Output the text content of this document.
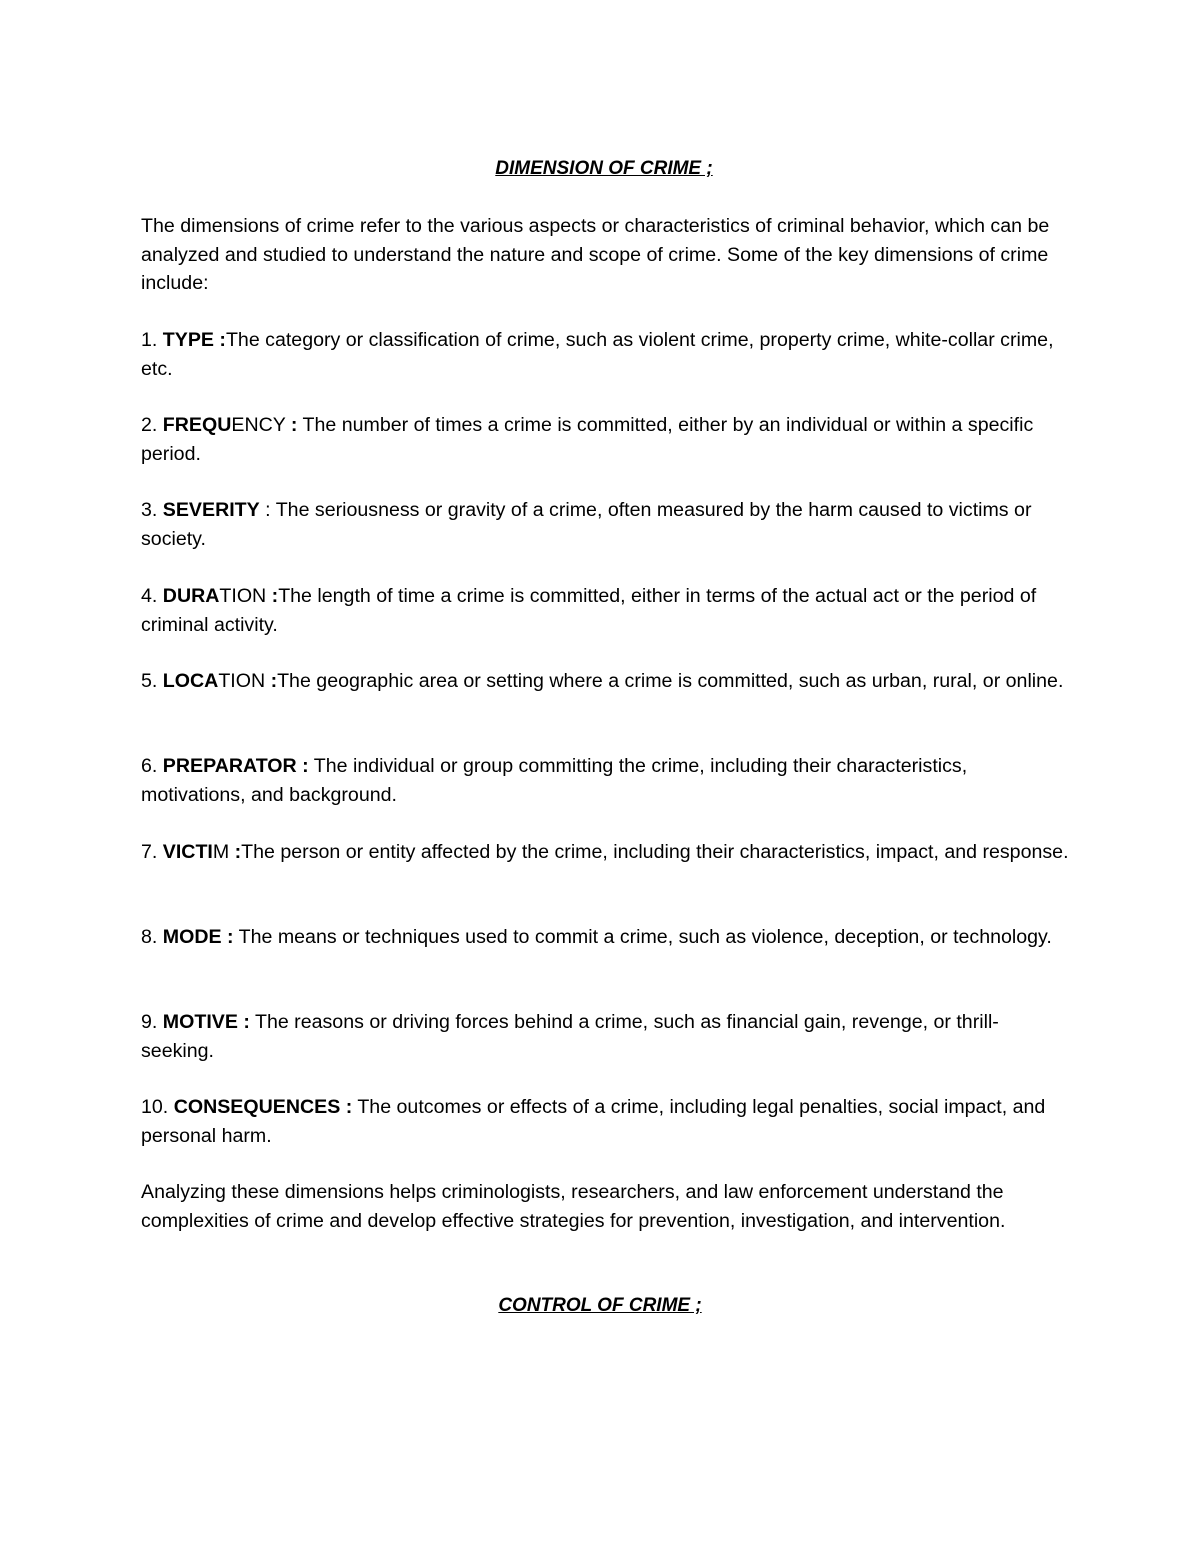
DIMENSION OF CRIME ;

The dimensions of crime refer to the various aspects or characteristics of criminal behavior, which can be analyzed and studied to understand the nature and scope of crime. Some of the key dimensions of crime include:

1. TYPE :The category or classification of crime, such as violent crime, property crime, white-collar crime, etc.

2. FREQUENCY : The number of times a crime is committed, either by an individual or within a specific period.

3. SEVERITY : The seriousness or gravity of a crime, often measured by the harm caused to victims or society.

4. DURATION :The length of time a crime is committed, either in terms of the actual act or the period of criminal activity.

5. LOCATION :The geographic area or setting where a crime is committed, such as urban, rural, or online.

6. PREPARATOR : The individual or group committing the crime, including their characteristics, motivations, and background.

7. VICTIM :The person or entity affected by the crime, including their characteristics, impact, and response.

8. MODE : The means or techniques used to commit a crime, such as violence, deception, or technology.

9. MOTIVE : The reasons or driving forces behind a crime, such as financial gain, revenge, or thrill-seeking.

10. CONSEQUENCES : The outcomes or effects of a crime, including legal penalties, social impact, and personal harm.

Analyzing these dimensions helps criminologists, researchers, and law enforcement understand the complexities of crime and develop effective strategies for prevention, investigation, and intervention.

CONTROL OF CRIME ;
